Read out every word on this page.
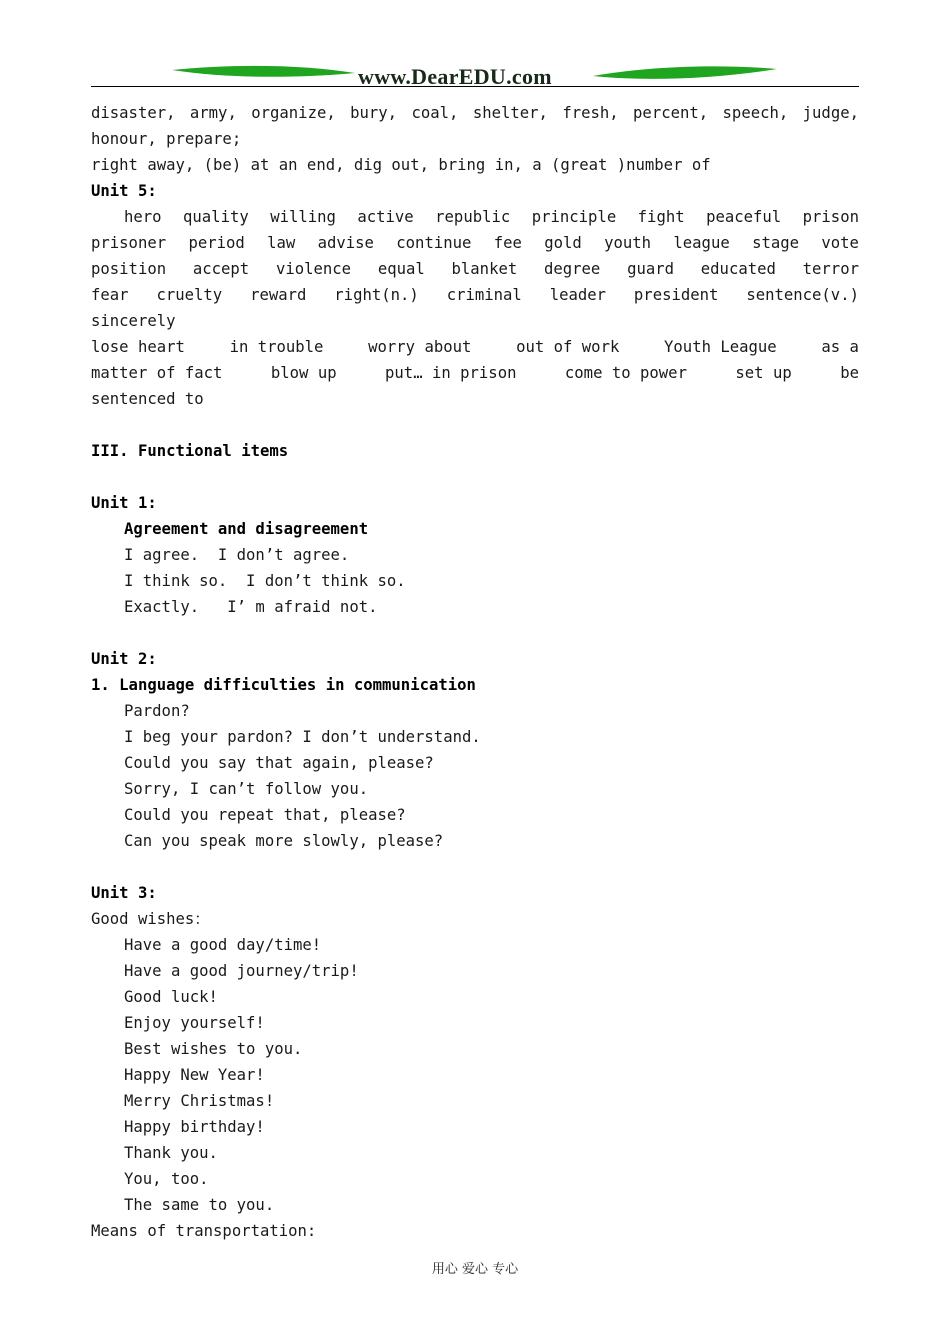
www.DearEDU.com
disaster, army, organize, bury, coal, shelter, fresh, percent, speech, judge,
honour, prepare;
right away, (be) at an end, dig out, bring in, a (great )number of
Unit 5:
hero quality willing active republic principle fight peaceful prison
prisoner period law advise continue fee gold youth league stage vote
position accept violence equal blanket degree guard educated terror
fear cruelty reward right(n.) criminal leader president sentence(v.)
sincerely
lose heart	in trouble	worry about	out of work	Youth League	as a
matter of fact	blow up	put… in prison	come to power	set up	be
sentenced to
III. Functional items
Unit 1:
Agreement and disagreement
I agree.  I don’t agree.
I think so.  I don’t think so.
Exactly.   I’ m afraid not.
Unit 2:
1. Language difficulties in communication
Pardon?
I beg your pardon? I don’t understand.
Could you say that again, please?
Sorry, I can’t follow you.
Could you repeat that, please?
Can you speak more slowly, please?
Unit 3:
Good wishes：
Have a good day/time!
Have a good journey/trip!
Good luck!
Enjoy yourself!
Best wishes to you.
Happy New Year!
Merry Christmas!
Happy birthday!
Thank you.
You, too.
The same to you.
Means of transportation:
用心 爱心 专心
